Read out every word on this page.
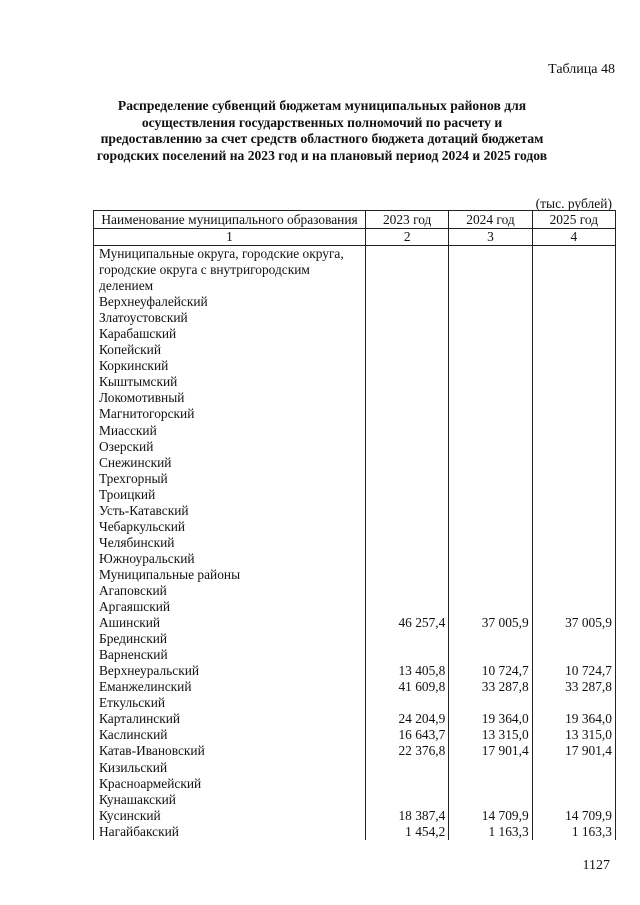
Таблица 48
Распределение субвенций бюджетам муниципальных районов для осуществления государственных полномочий по расчету и предоставлению за счет средств областного бюджета дотаций бюджетам городских поселений на 2023 год и на плановый период 2024 и 2025 годов
(тыс. рублей)
Наименование муниципального образования	2023 год	2024 год	2025 год
1	2	3	4
Муниципальные округа, городские округа, городские округа с внутригородским делением			
Верхнеуфалейский			
Златоустовский			
Карабашский			
Копейский			
Коркинский			
Кыштымский			
Локомотивный			
Магнитогорский			
Миасский			
Озерский			
Снежинский			
Трехгорный			
Троицкий			
Усть-Катавский			
Чебаркульский			
Челябинский			
Южноуральский			
Муниципальные районы			
Агаповский			
Аргаяшский			
Ашинский	46 257,4	37 005,9	37 005,9
Брединский			
Варненский			
Верхнеуральский	13 405,8	10 724,7	10 724,7
Еманжелинский	41 609,8	33 287,8	33 287,8
Еткульский			
Карталинский	24 204,9	19 364,0	19 364,0
Каслинский	16 643,7	13 315,0	13 315,0
Катав-Ивановский	22 376,8	17 901,4	17 901,4
Кизильский			
Красноармейский			
Кунашакский			
Кусинский	18 387,4	14 709,9	14 709,9
Нагайбакский	1 454,2	1 163,3	1 163,3
1127
